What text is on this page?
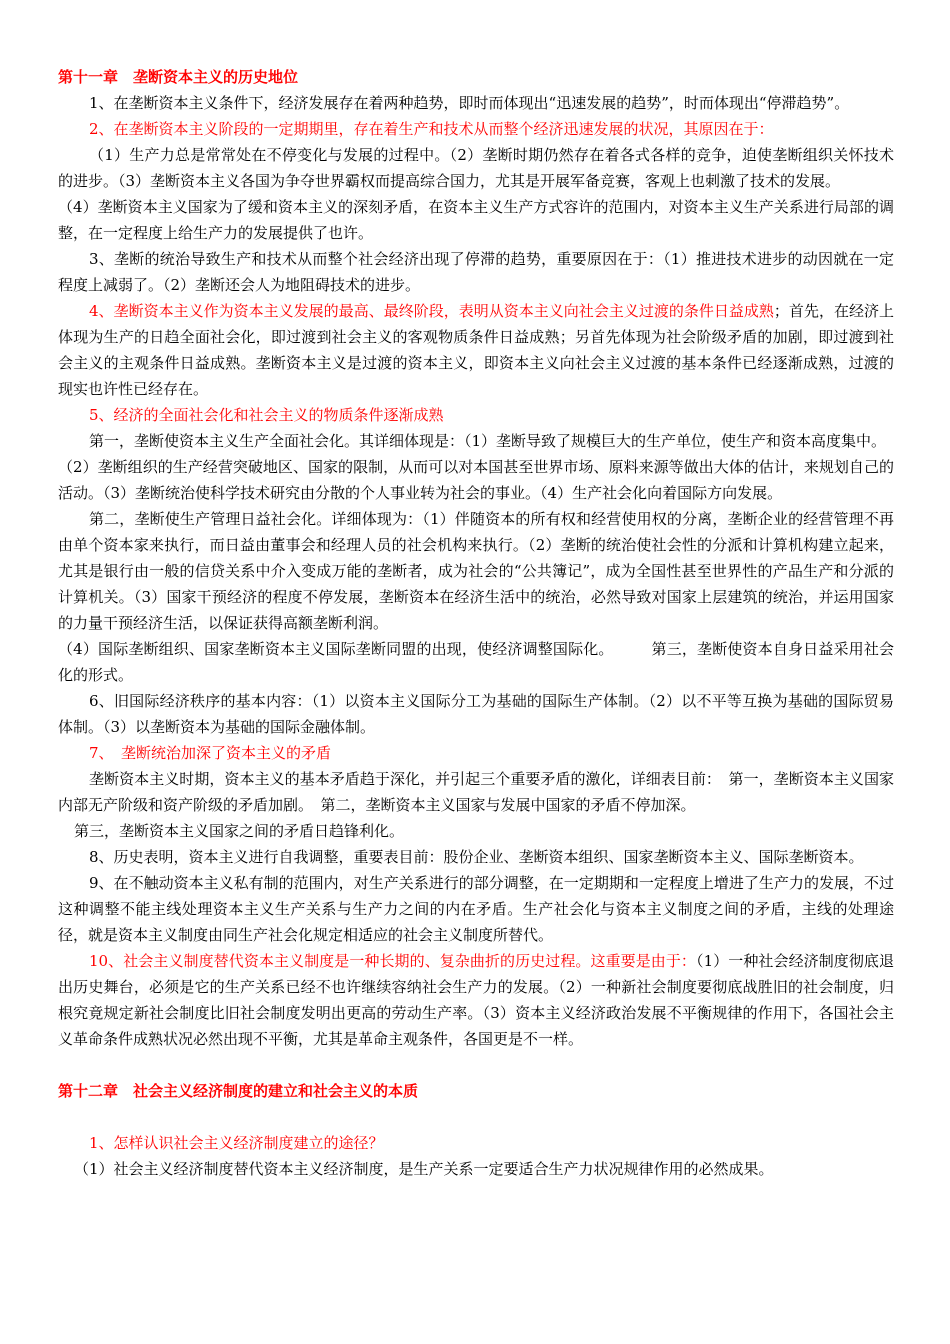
第十一章　垄断资本主义的历史地位

1、在垄断资本主义条件下，经济发展存在着两种趋势，即时而体现出“迅速发展的趋势”，时而体现出“停滞趋势”。

2、在垄断资本主义阶段的一定期期里，存在着生产和技术从而整个经济迅速发展的状况，其原因在于：

（1）生产力总是常常处在不停变化与发展的过程中。（2）垄断时期仍然存在着各式各样的竞争，迫使垄断组织关怀技术的进步。（3）垄断资本主义各国为争夺世界霸权而提高综合国力，尤其是开展军备竞赛，客观上也刺激了技术的发展。

（4）垄断资本主义国家为了缓和资本主义的深刻矛盾，在资本主义生产方式容许的范围内，对资本主义生产关系进行局部的调整，在一定程度上给生产力的发展提供了也许。

3、垄断的统治导致生产和技术从而整个社会经济出现了停滞的趋势，重要原因在于：（1）推进技术进步的动因就在一定程度上减弱了。（2）垄断还会人为地阻碍技术的进步。

4、垄断资本主义作为资本主义发展的最高、最终阶段，表明从资本主义向社会主义过渡的条件日益成熟；首先，在经济上体现为生产的日趋全面社会化，即过渡到社会主义的客观物质条件日益成熟；另首先体现为社会阶级矛盾的加剧，即过渡到社会主义的主观条件日益成熟。垄断资本主义是过渡的资本主义，即资本主义向社会主义过渡的基本条件已经逐渐成熟，过渡的现实也许性已经存在。

5、经济的全面社会化和社会主义的物质条件逐渐成熟

第一，垄断使资本主义生产全面社会化。其详细体现是：（1）垄断导致了规模巨大的生产单位，使生产和资本高度集中。

（2）垄断组织的生产经营突破地区、国家的限制，从而可以对本国甚至世界市场、原料来源等做出大体的估计，来规划自己的活动。（3）垄断统治使科学技术研究由分散的个人事业转为社会的事业。（4）生产社会化向着国际方向发展。

第二，垄断使生产管理日益社会化。详细体现为：（1）伴随资本的所有权和经营使用权的分离，垄断企业的经营管理不再由单个资本家来执行，而日益由董事会和经理人员的社会机构来执行。（2）垄断的统治使社会性的分派和计算机构建立起来，尤其是银行由一般的信贷关系中介入变成万能的垄断者，成为社会的“公共簿记”，成为全国性甚至世界性的产品生产和分派的计算机关。（3）国家干预经济的程度不停发展，垄断资本在经济生活中的统治，必然导致对国家上层建筑的统治，并运用国家的力量干预经济生活，以保证获得高额垄断利润。

（4）国际垄断组织、国家垄断资本主义国际垄断同盟的出现，使经济调整国际化。　　　第三，垄断使资本自身日益采用社会化的形式。

6、旧国际经济秩序的基本内容：（1）以资本主义国际分工为基础的国际生产体制。（2）以不平等互换为基础的国际贸易体制。（3）以垄断资本为基础的国际金融体制。

7、　垄断统治加深了资本主义的矛盾

垄断资本主义时期，资本主义的基本矛盾趋于深化，并引起三个重要矛盾的激化，详细表目前：　第一，垄断资本主义国家内部无产阶级和资产阶级的矛盾加剧。　第二，垄断资本主义国家与发展中国家的矛盾不停加深。

第三，垄断资本主义国家之间的矛盾日趋锋利化。

8、历史表明，资本主义进行自我调整，重要表目前：股份企业、垄断资本组织、国家垄断资本主义、国际垄断资本。

9、在不触动资本主义私有制的范围内，对生产关系进行的部分调整，在一定期期和一定程度上增进了生产力的发展，不过这种调整不能主线处理资本主义生产关系与生产力之间的内在矛盾。生产社会化与资本主义制度之间的矛盾，主线的处理途径，就是资本主义制度由同生产社会化规定相适应的社会主义制度所替代。

10、社会主义制度替代资本主义制度是一种长期的、复杂曲折的历史过程。这重要是由于：（1）一种社会经济制度彻底退出历史舞台，必须是它的生产关系已经不也许继续容纳社会生产力的发展。（2）一种新社会制度要彻底战胜旧的社会制度，归根究竟规定新社会制度比旧社会制度发明出更高的劳动生产率。（3）资本主义经济政治发展不平衡规律的作用下，各国社会主义革命条件成熟状况必然出现不平衡，尤其是革命主观条件，各国更是不一样。

第十二章　社会主义经济制度的建立和社会主义的本质

1、怎样认识社会主义经济制度建立的途径？

（1）社会主义经济制度替代资本主义经济制度，是生产关系一定要适合生产力状况规律作用的必然成果。
